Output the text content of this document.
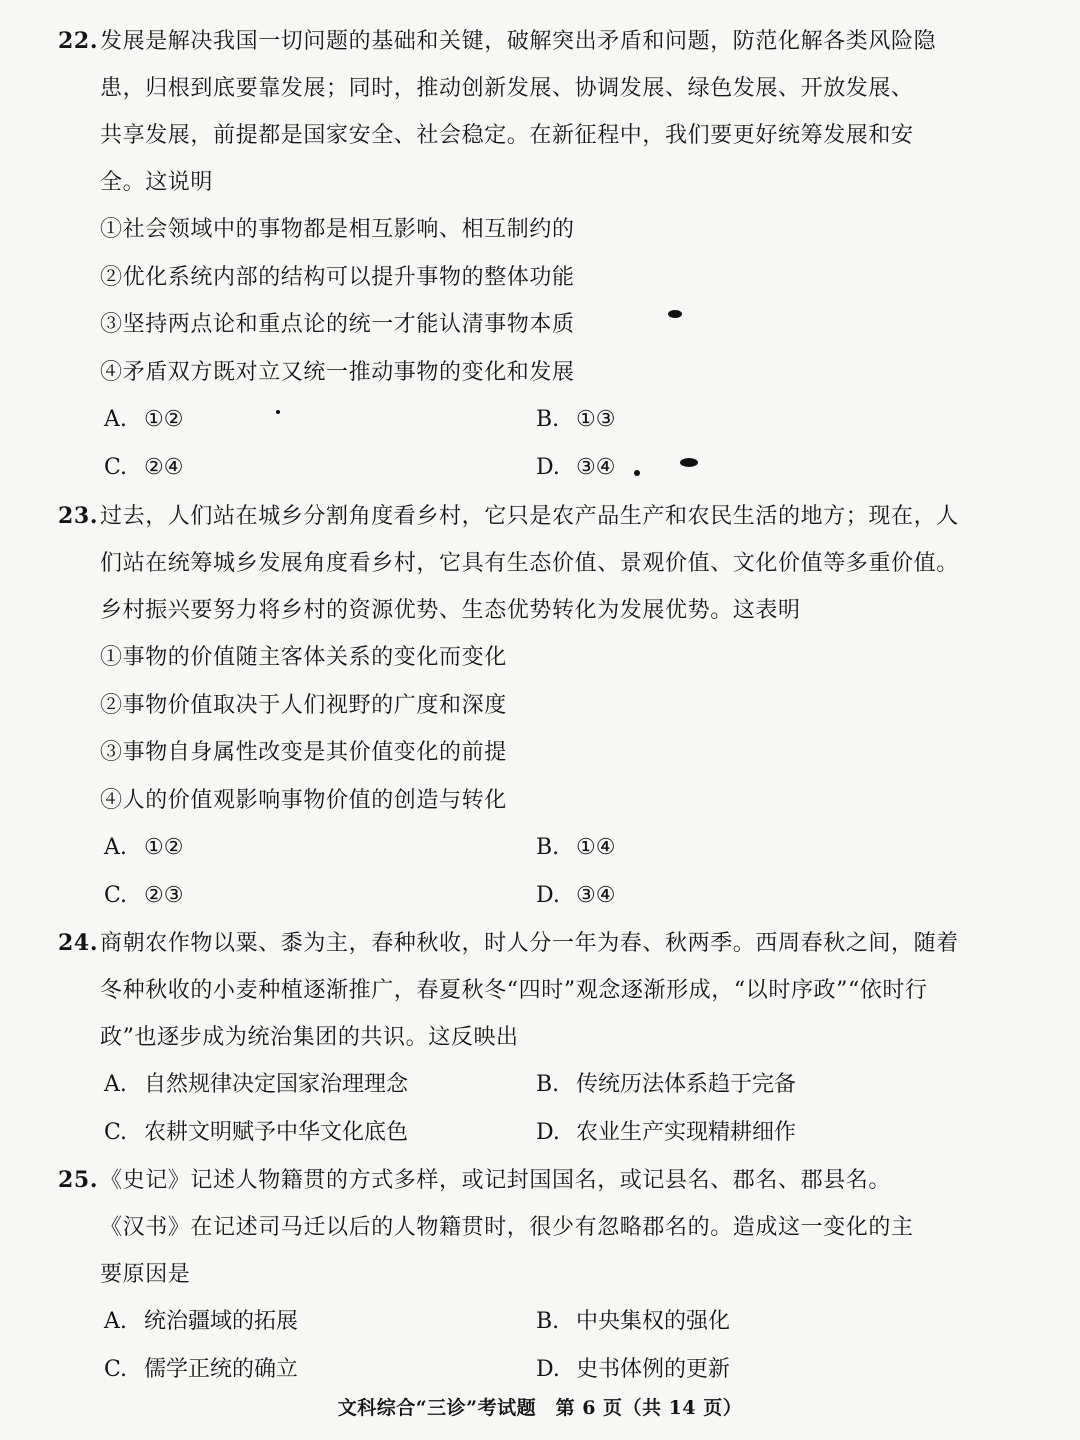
22.发展是解决我国一切问题的基础和关键，破解突出矛盾和问题，防范化解各类风险隐
患，归根到底要靠发展；同时，推动创新发展、协调发展、绿色发展、开放发展、
共享发展，前提都是国家安全、社会稳定。在新征程中，我们要更好统筹发展和安
全。这说明
①社会领域中的事物都是相互影响、相互制约的
②优化系统内部的结构可以提升事物的整体功能
③坚持两点论和重点论的统一才能认清事物本质
④矛盾双方既对立又统一推动事物的变化和发展
A. ①②	B. ①③
C. ②④	D. ③④
23.过去，人们站在城乡分割角度看乡村，它只是农产品生产和农民生活的地方；现在，人
们站在统筹城乡发展角度看乡村，它具有生态价值、景观价值、文化价值等多重价值。
乡村振兴要努力将乡村的资源优势、生态优势转化为发展优势。这表明
①事物的价值随主客体关系的变化而变化
②事物价值取决于人们视野的广度和深度
③事物自身属性改变是其价值变化的前提
④人的价值观影响事物价值的创造与转化
A. ①②	B. ①④
C. ②③	D. ③④
24.商朝农作物以粟、黍为主，春种秋收，时人分一年为春、秋两季。西周春秋之间，随着
冬种秋收的小麦种植逐渐推广，春夏秋冬“四时”观念逐渐形成，“以时序政”“依时行
政”也逐步成为统治集团的共识。这反映出
A. 自然规律决定国家治理理念	B. 传统历法体系趋于完备
C. 农耕文明赋予中华文化底色	D. 农业生产实现精耕细作
25.《史记》记述人物籍贯的方式多样，或记封国国名，或记县名、郡名、郡县名。
《汉书》在记述司马迁以后的人物籍贯时，很少有忽略郡名的。造成这一变化的主
要原因是
A. 统治疆域的拓展	B. 中央集权的强化
C. 儒学正统的确立	D. 史书体例的更新
文科综合“三诊”考试题　第 6 页（共 14 页）
